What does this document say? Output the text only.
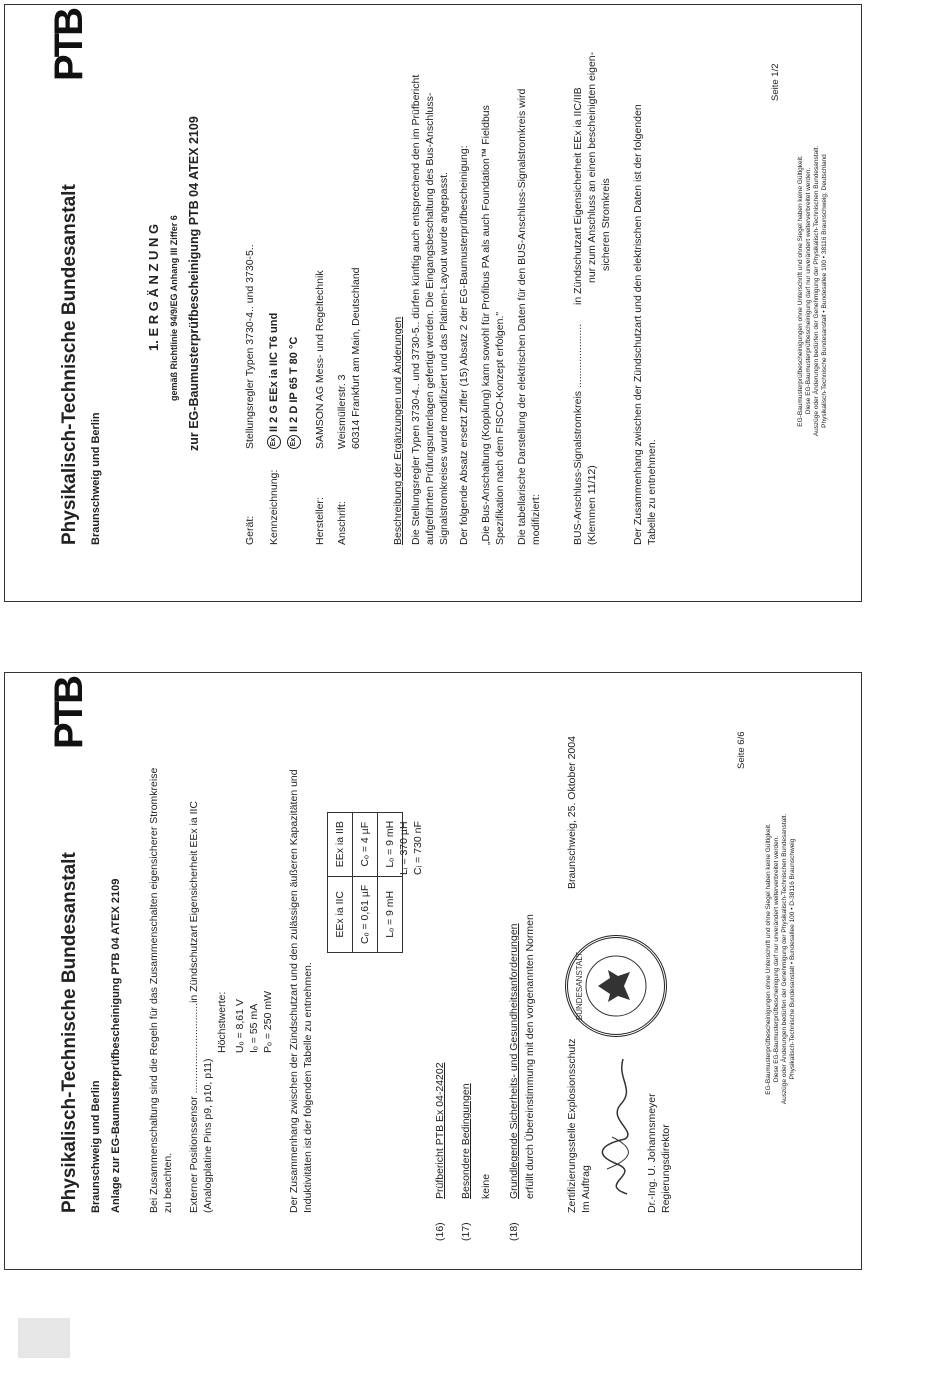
Physikalisch-Technische Bundesanstalt Braunschweig und Berlin
PTB
1. E R G Ä N Z U N G gemäß Richtlinie 94/9/EG Anhang III Ziffer 6 zur EG-Baumusterprüfbescheinigung PTB 04 ATEX 2109
Gerät:
Stellungsregler Typen 3730-4.. und 3730-5..
Kennzeichnung:
ExII 2 G EEx ia IIC T6 und
ExII 2 D IP 65 T 80 °C
Hersteller:
SAMSON AG Mess- und Regeltechnik
Anschrift:
Weismüllerstr. 3 60314 Frankfurt am Main, Deutschland	Beschreibung der Ergänzungen und Änderungen Die Stellungsregler Typen 3730-4.. und 3730-5.. dürfen künftig auch entsprechend den im Prüfbericht aufgeführten Prüfungsunterlagen gefertigt werden. Die Eingangsbeschaltung des Bus-Anschluss- Signalstromkreises wurde modifiziert und das Platinen-Layout wurde angepasst. Der folgende Absatz ersetzt Ziffer (15) Absatz 2 der EG-Baumusterprüfbescheinigung: „Die Bus-Anschaltung (Kopplung) kann sowohl für Profibus PA als auch Foundation™ Fieldbus Spezifikation nach dem FISCO-Konzept erfolgen." Die tabellarische Darstellung der elektrischen Daten für den BUS-Anschluss-Signalstromkreis wird modifiziert:	BUS-Anschluss-Signalstromkreis ...................... (Klemmen 11/12)
in Zündschutzart Eigensicherheit EEx ia IIC/IIB nur zum Anschluss an einen bescheinigten eigen- sicheren Stromkreis Der Zusammenhang zwischen der Zündschutzart und den elektrischen Daten ist der folgenden Tabelle zu entnehmen.
Seite 1/2
EG-Baumusterprüfbescheinigungen ohne Unterschrift und ohne Siegel haben keine Gültigkeit. Diese EG-Baumusterprüfbescheinigung darf nur unverändert weiterverbreitet werden. Auszüge oder Änderungen bedürfen der Genehmigung der Physikalisch-Technischen Bundesanstalt. Physikalisch-Technische Bundesanstalt • Bundesallee 100 • 38116 Braunschweig, Deutschland
Physikalisch-Technische Bundesanstalt Braunschweig und Berlin Anlage zur EG-Baumusterprüfbescheinigung PTB 04 ATEX 2109
PTB
Bei Zusammenschaltung sind die Regeln für das Zusammenschalten eigensicherer Stromkreise zu beachten. Externer Positionssensor ...............................in Zündschutzart Eigensicherheit EEx ia IIC (Analogplatine Pins p9, p10, p11)
Höchstwerte: Uₒ = 8,61 V Iₒ = 55 mA Pₒ = 250 mW Der Zusammenhang zwischen der Zündschutzart und den zulässigen äußeren Kapazitäten und Induktivitäten ist der folgenden Tabelle zu entnehmen.
EEx ia IIC	EEx ia IIB
Cₒ = 0,61 µF	Cₒ = 4 µF
Lₒ = 9 mH	Lₒ = 9 mH Lᵢ = 370 µH Cᵢ = 730 nF
(16)
Prüfbericht PTB Ex 04-24202
(17)
Besondere Bedingungen keine
(18)
Grundlegende Sicherheits- und Gesundheitsanforderungen erfüllt durch Übereinstimmung mit den vorgenannten Normen	Zertifizierungsstelle Explosionsschutz Im Auftrag
Braunschweig, 25. Oktober 2004
BUNDESANSTALT
Dr.-Ing. U. Johannsmeyer Regierungsdirektor
Seite 6/6
EG-Baumusterprüfbescheinigungen ohne Unterschrift und ohne Siegel haben keine Gültigkeit. Diese EG-Baumusterprüfbescheinigung darf nur unverändert weiterverbreitet werden. Auszüge oder Änderungen bedürfen der Genehmigung der Physikalisch-Technischen Bundesanstalt. Physikalisch-Technische Bundesanstalt • Bundesallee 100 • D-38116 Braunschweig
